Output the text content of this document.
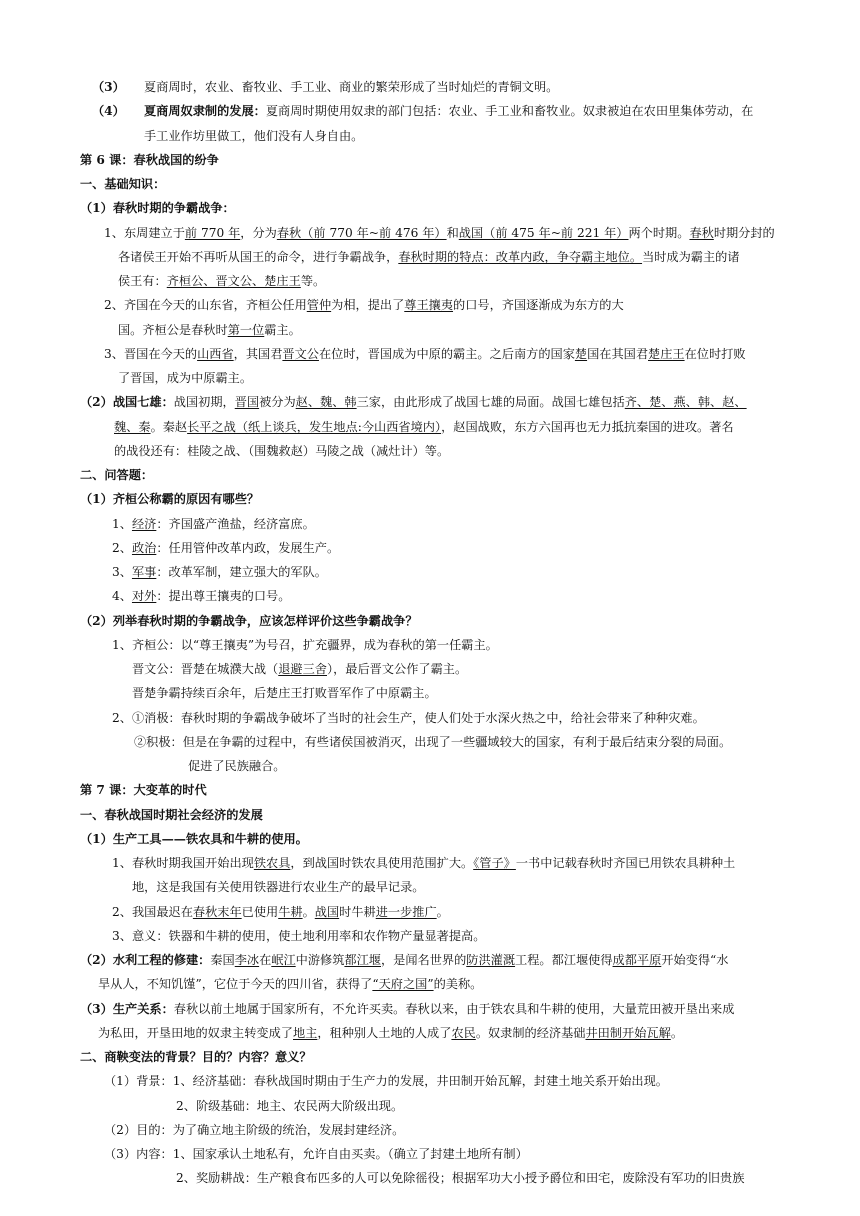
（3） 夏商周时，农业、畜牧业、手工业、商业的繁荣形成了当时灿烂的青铜文明。
（4） 夏商周奴隶制的发展：夏商周时期使用奴隶的部门包括：农业、手工业和畜牧业。奴隶被迫在农田里集体劳动，在
手工业作坊里做工，他们没有人身自由。
第 6 课：春秋战国的纷争
一、基础知识：
（1）春秋时期的争霸战争：
1、东周建立于前 770 年，分为春秋（前 770 年~前 476 年）和战国（前 475 年~前 221 年）两个时期。春秋时期分封的
各诸侯王开始不再听从国王的命令，进行争霸战争，春秋时期的特点：改革内政，争夺霸主地位。当时成为霸主的诸
侯王有：齐桓公、晋文公、楚庄王等。
2、齐国在今天的山东省，齐桓公任用管仲为相，提出了尊王攘夷的口号，齐国逐渐成为东方的大
国。齐桓公是春秋时第一位霸主。
3、晋国在今天的山西省，其国君晋文公在位时，晋国成为中原的霸主。之后南方的国家楚国在其国君楚庄王在位时打败
了晋国，成为中原霸主。
（2）战国七雄：战国初期，晋国被分为赵、魏、韩三家，由此形成了战国七雄的局面。战国七雄包括齐、楚、燕、韩、赵、
魏、秦。秦赵长平之战（纸上谈兵，发生地点:今山西省境内），赵国战败，东方六国再也无力抵抗秦国的进攻。著名
的战役还有：桂陵之战、（围魏救赵）马陵之战（减灶计）等。
二、问答题：
（1）齐桓公称霸的原因有哪些？
1、经济：齐国盛产渔盐，经济富庶。
2、政治：任用管仲改革内政，发展生产。
3、军事：改革军制，建立强大的军队。
4、对外：提出尊王攘夷的口号。
（2）列举春秋时期的争霸战争，应该怎样评价这些争霸战争？
1、齐桓公：以“尊王攘夷”为号召，扩充疆界，成为春秋的第一任霸主。
晋文公：晋楚在城濮大战（退避三舍），最后晋文公作了霸主。
晋楚争霸持续百余年，后楚庄王打败晋军作了中原霸主。
2、①消极：春秋时期的争霸战争破坏了当时的社会生产，使人们处于水深火热之中，给社会带来了种种灾难。
②积极：但是在争霸的过程中，有些诸侯国被消灭，出现了一些疆域较大的国家，有利于最后结束分裂的局面。
促进了民族融合。
第 7 课：大变革的时代
一、春秋战国时期社会经济的发展
（1）生产工具——铁农具和牛耕的使用。
1、春秋时期我国开始出现铁农具，到战国时铁农具使用范围扩大。《管子》一书中记载春秋时齐国已用铁农具耕种土
地，这是我国有关使用铁器进行农业生产的最早记录。
2、我国最迟在春秋末年已使用牛耕。战国时牛耕进一步推广。
3、意义：铁器和牛耕的使用，使土地利用率和农作物产量显著提高。
（2）水利工程的修建：秦国李冰在岷江中游修筑都江堰，是闻名世界的防洪灌溉工程。都江堰使得成都平原开始变得“水
旱从人，不知饥馑”，它位于今天的四川省，获得了“天府之国”的美称。
（3）生产关系：春秋以前土地属于国家所有，不允许买卖。春秋以来，由于铁农具和牛耕的使用，大量荒田被开垦出来成
为私田，开垦田地的奴隶主转变成了地主，租种别人土地的人成了农民。奴隶制的经济基础井田制开始瓦解。
二、商鞅变法的背景？目的？内容？意义？
（1）背景：1、经济基础：春秋战国时期由于生产力的发展，井田制开始瓦解，封建土地关系开始出现。
2、阶级基础：地主、农民两大阶级出现。
（2）目的：为了确立地主阶级的统治，发展封建经济。
（3）内容：1、国家承认土地私有，允许自由买卖。（确立了封建土地所有制）
2、奖励耕战：生产粮食布匹多的人可以免除徭役；根据军功大小授予爵位和田宅，废除没有军功的旧贵族
